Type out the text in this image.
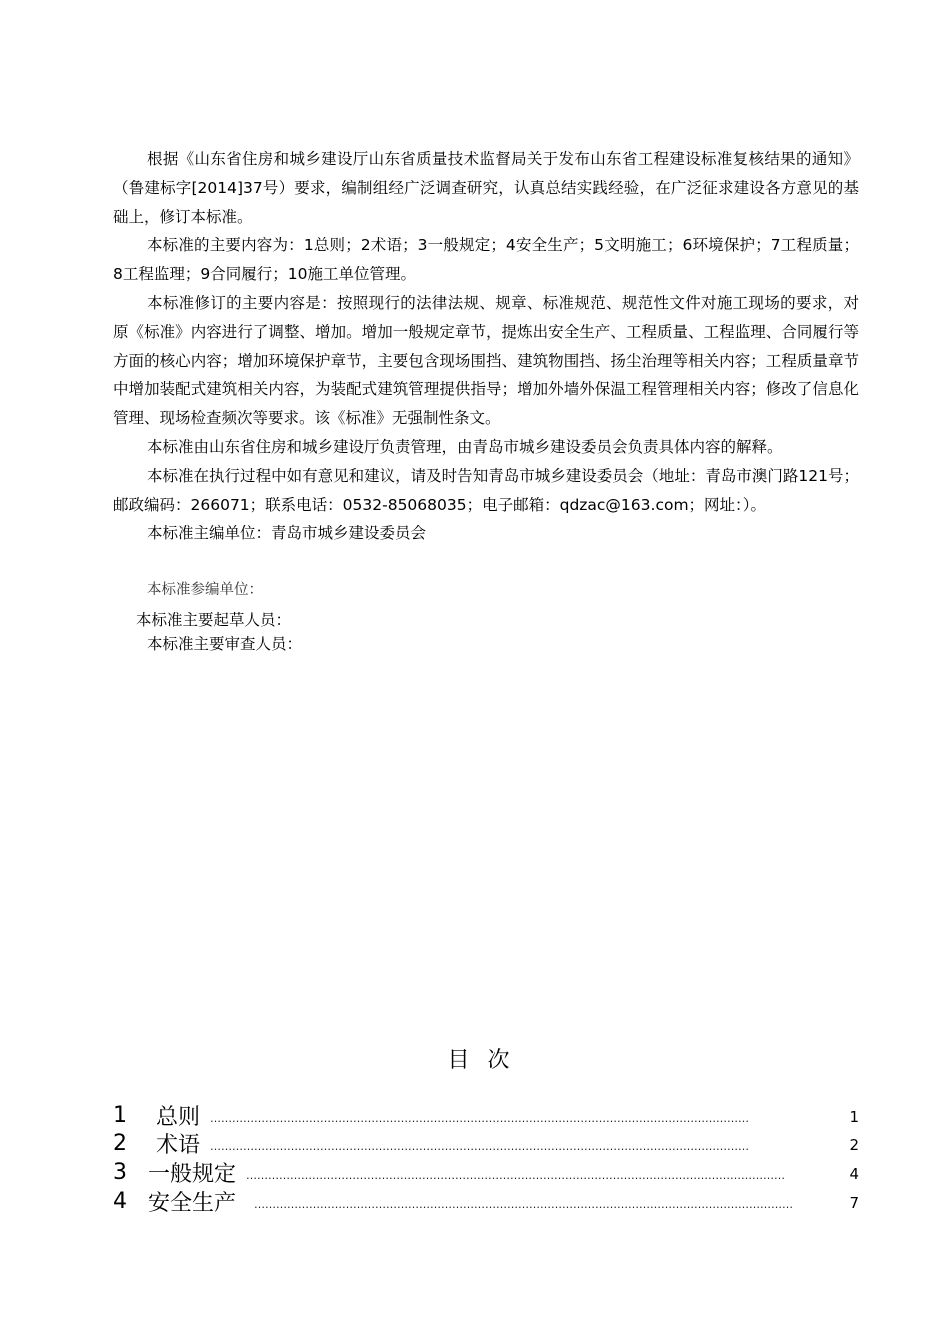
根据《山东省住房和城乡建设厅山东省质量技术监督局关于发布山东省工程建设标准复核结果的通知》（鲁建标字[2014]37号）要求，编制组经广泛调查研究，认真总结实践经验，在广泛征求建设各方意见的基础上，修订本标准。

本标准的主要内容为：1总则；2术语；3一般规定；4安全生产；5文明施工；6环境保护；7工程质量；8工程监理；9合同履行；10施工单位管理。

本标准修订的主要内容是：按照现行的法律法规、规章、标准规范、规范性文件对施工现场的要求，对原《标准》内容进行了调整、增加。增加一般规定章节，提炼出安全生产、工程质量、工程监理、合同履行等方面的核心内容；增加环境保护章节，主要包含现场围挡、建筑物围挡、扬尘治理等相关内容；工程质量章节中增加装配式建筑相关内容，为装配式建筑管理提供指导；增加外墙外保温工程管理相关内容；修改了信息化管理、现场检查频次等要求。该《标准》无强制性条文。

本标准由山东省住房和城乡建设厅负责管理，由青岛市城乡建设委员会负责具体内容的解释。

本标准在执行过程中如有意见和建议，请及时告知青岛市城乡建设委员会（地址：青岛市澳门路121号；邮政编码：266071；联系电话：0532-85068035；电子邮箱：qdzac@163.com；网址：）。

本标准主编单位：青岛市城乡建设委员会

本标准参编单位：
本标准主要起草人员：
本标准主要审查人员：
目次
1	总则 …………………………………………………………………………………………………………………………………	1
2	术语 …………………………………………………………………………………………………………………………………	2
3 一般规定 …………………………………………………………………………………………………………………………………	4
4 安全生产 …………………………………………………………………………………………………………………………………	7
